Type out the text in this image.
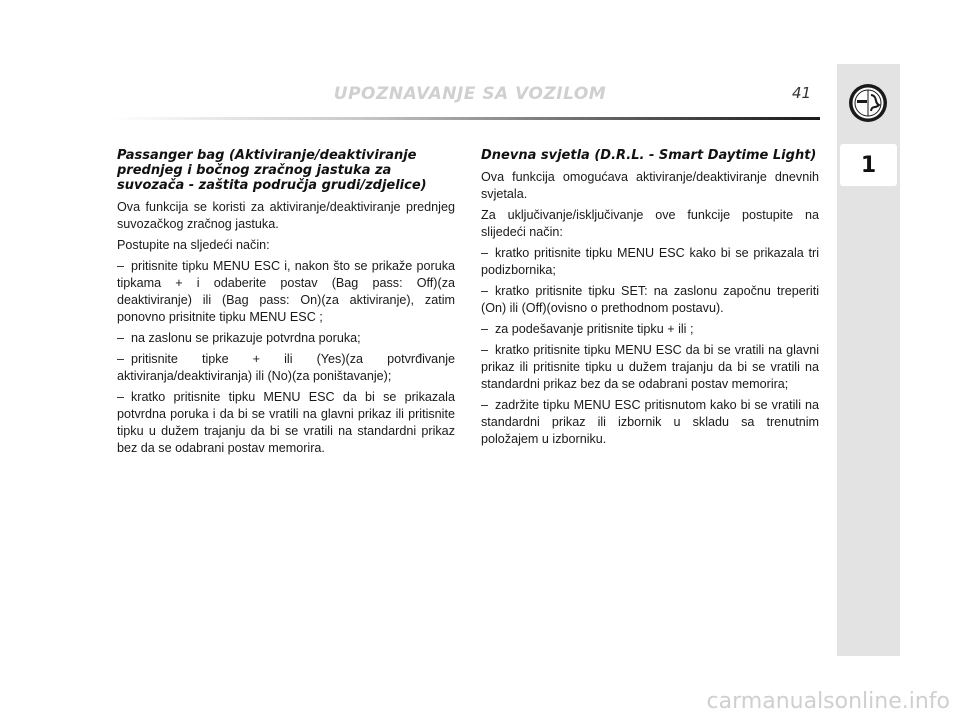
UPOZNAVANJE SA VOZILOM	41
1
Passanger bag (Aktiviranje/deaktiviranje prednjeg i bočnog zračnog jastuka za suvozača - zaštita područja grudi/zdjelice)

Ova funkcija se koristi za aktiviranje/deaktiviranje prednjeg suvozačkog zračnog jastuka.

Postupite na sljedeći način:

– pritisnite tipku MENU ESC i, nakon što se prikaže poruka tipkama + i odaberite postav (Bag pass: Off)(za deaktiviranje) ili (Bag pass: On)(za aktiviranje), zatim ponovno prisitnite tipku MENU ESC ;

– na zaslonu se prikazuje potvrdna poruka;

– pritisnite tipke + ili (Yes)(za potvrđivanje aktiviranja/deaktiviranja) ili (No)(za poništavanje);

– kratko pritisnite tipku MENU ESC da bi se prikazala potvrdna poruka i da bi se vratili na glavni prikaz ili pritisnite tipku u dužem trajanju da bi se vratili na standardni prikaz bez da se odabrani postav memorira.

Dnevna svjetla (D.R.L. - Smart Daytime Light)

Ova funkcija omogućava aktiviranje/deaktiviranje dnevnih svjetala.

Za uključivanje/isključivanje ove funkcije postupite na slijedeći način:

– kratko pritisnite tipku MENU ESC kako bi se prikazala tri podizbornika;

– kratko pritisnite tipku SET: na zaslonu započnu treperiti (On) ili (Off)(ovisno o prethodnom postavu).

– za podešavanje pritisnite tipku + ili ;

– kratko pritisnite tipku MENU ESC da bi se vratili na glavni prikaz ili pritisnite tipku u dužem trajanju da bi se vratili na standardni prikaz bez da se odabrani postav memorira;

– zadržite tipku MENU ESC pritisnutom kako bi se vratili na standardni prikaz ili izbornik u skladu sa trenutnim položajem u izborniku.

carmanualsonline.info
